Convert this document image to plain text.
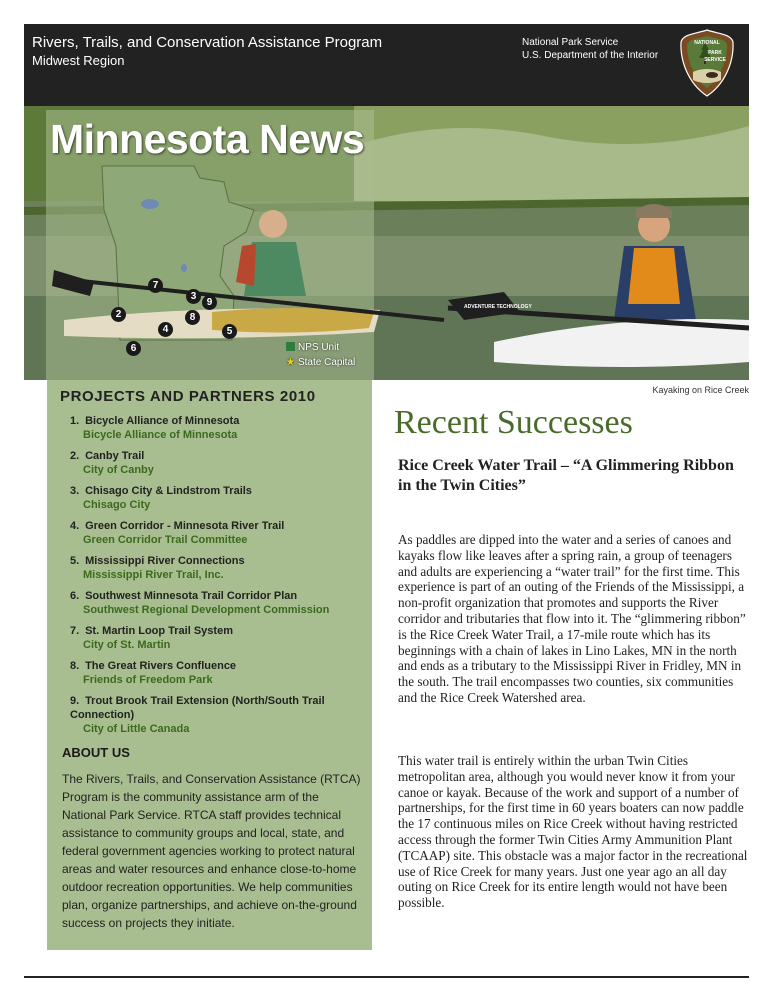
Rivers, Trails, and Conservation Assistance Program
Midwest Region
National Park Service
U.S. Department of the Interior
NATIONAL
PARK
SERVICE
ADVENTURE TECHNOLOGY
Minnesota News
2
7
3
9
8
4	5
6	NPS Unit
★ State Capital
Kayaking on Rice Creek
PROJECTS AND PARTNERS 2010
1. Bicycle Alliance of Minnesota
Bicycle Alliance of Minnesota
2. Canby Trail
City of Canby
3. Chisago City & Lindstrom Trails
Chisago City
4. Green Corridor - Minnesota River Trail
Green Corridor Trail Committee
5. Mississippi River Connections
Mississippi River Trail, Inc.
6. Southwest Minnesota Trail Corridor Plan
Southwest Regional Development Commission
7. St. Martin Loop Trail System
City of St. Martin
8. The Great Rivers Confluence
Friends of Freedom Park
9. Trout Brook Trail Extension (North/South Trail Connection)
City of Little Canada
ABOUT US

The Rivers, Trails, and Conservation Assistance (RTCA) Program is the community assistance arm of the National Park Service. RTCA staff provides technical assistance to community groups and local, state, and federal government agencies working to protect natural areas and water resources and enhance close-to-home outdoor recreation opportunities. We help communities plan, organize partnerships, and achieve on-the-ground success on projects they initiate.

Recent Successes

Rice Creek Water Trail – “A Glimmering Ribbon in the Twin Cities”

As paddles are dipped into the water and a series of canoes and kayaks flow like leaves after a spring rain, a group of teenagers and adults are experiencing a “water trail” for the first time. This experience is part of an outing of the Friends of the Mississippi, a non-profit organization that promotes and supports the River corridor and tributaries that flow into it. The “glimmering ribbon” is the Rice Creek Water Trail, a 17-mile route which has its beginnings with a chain of lakes in Lino Lakes, MN in the north and ends as a tributary to the Mississippi River in Fridley, MN in the south. The trail encompasses two counties, six communities and the Rice Creek Watershed area.

This water trail is entirely within the urban Twin Cities metropolitan area, although you would never know it from your canoe or kayak. Because of the work and support of a number of partnerships, for the first time in 60 years boaters can now paddle the 17 continuous miles on Rice Creek without having restricted access through the former Twin Cities Army Ammunition Plant (TCAAP) site. This obstacle was a major factor in the recreational use of Rice Creek for many years. Just one year ago an all day outing on Rice Creek for its entire length would not have been possible.
